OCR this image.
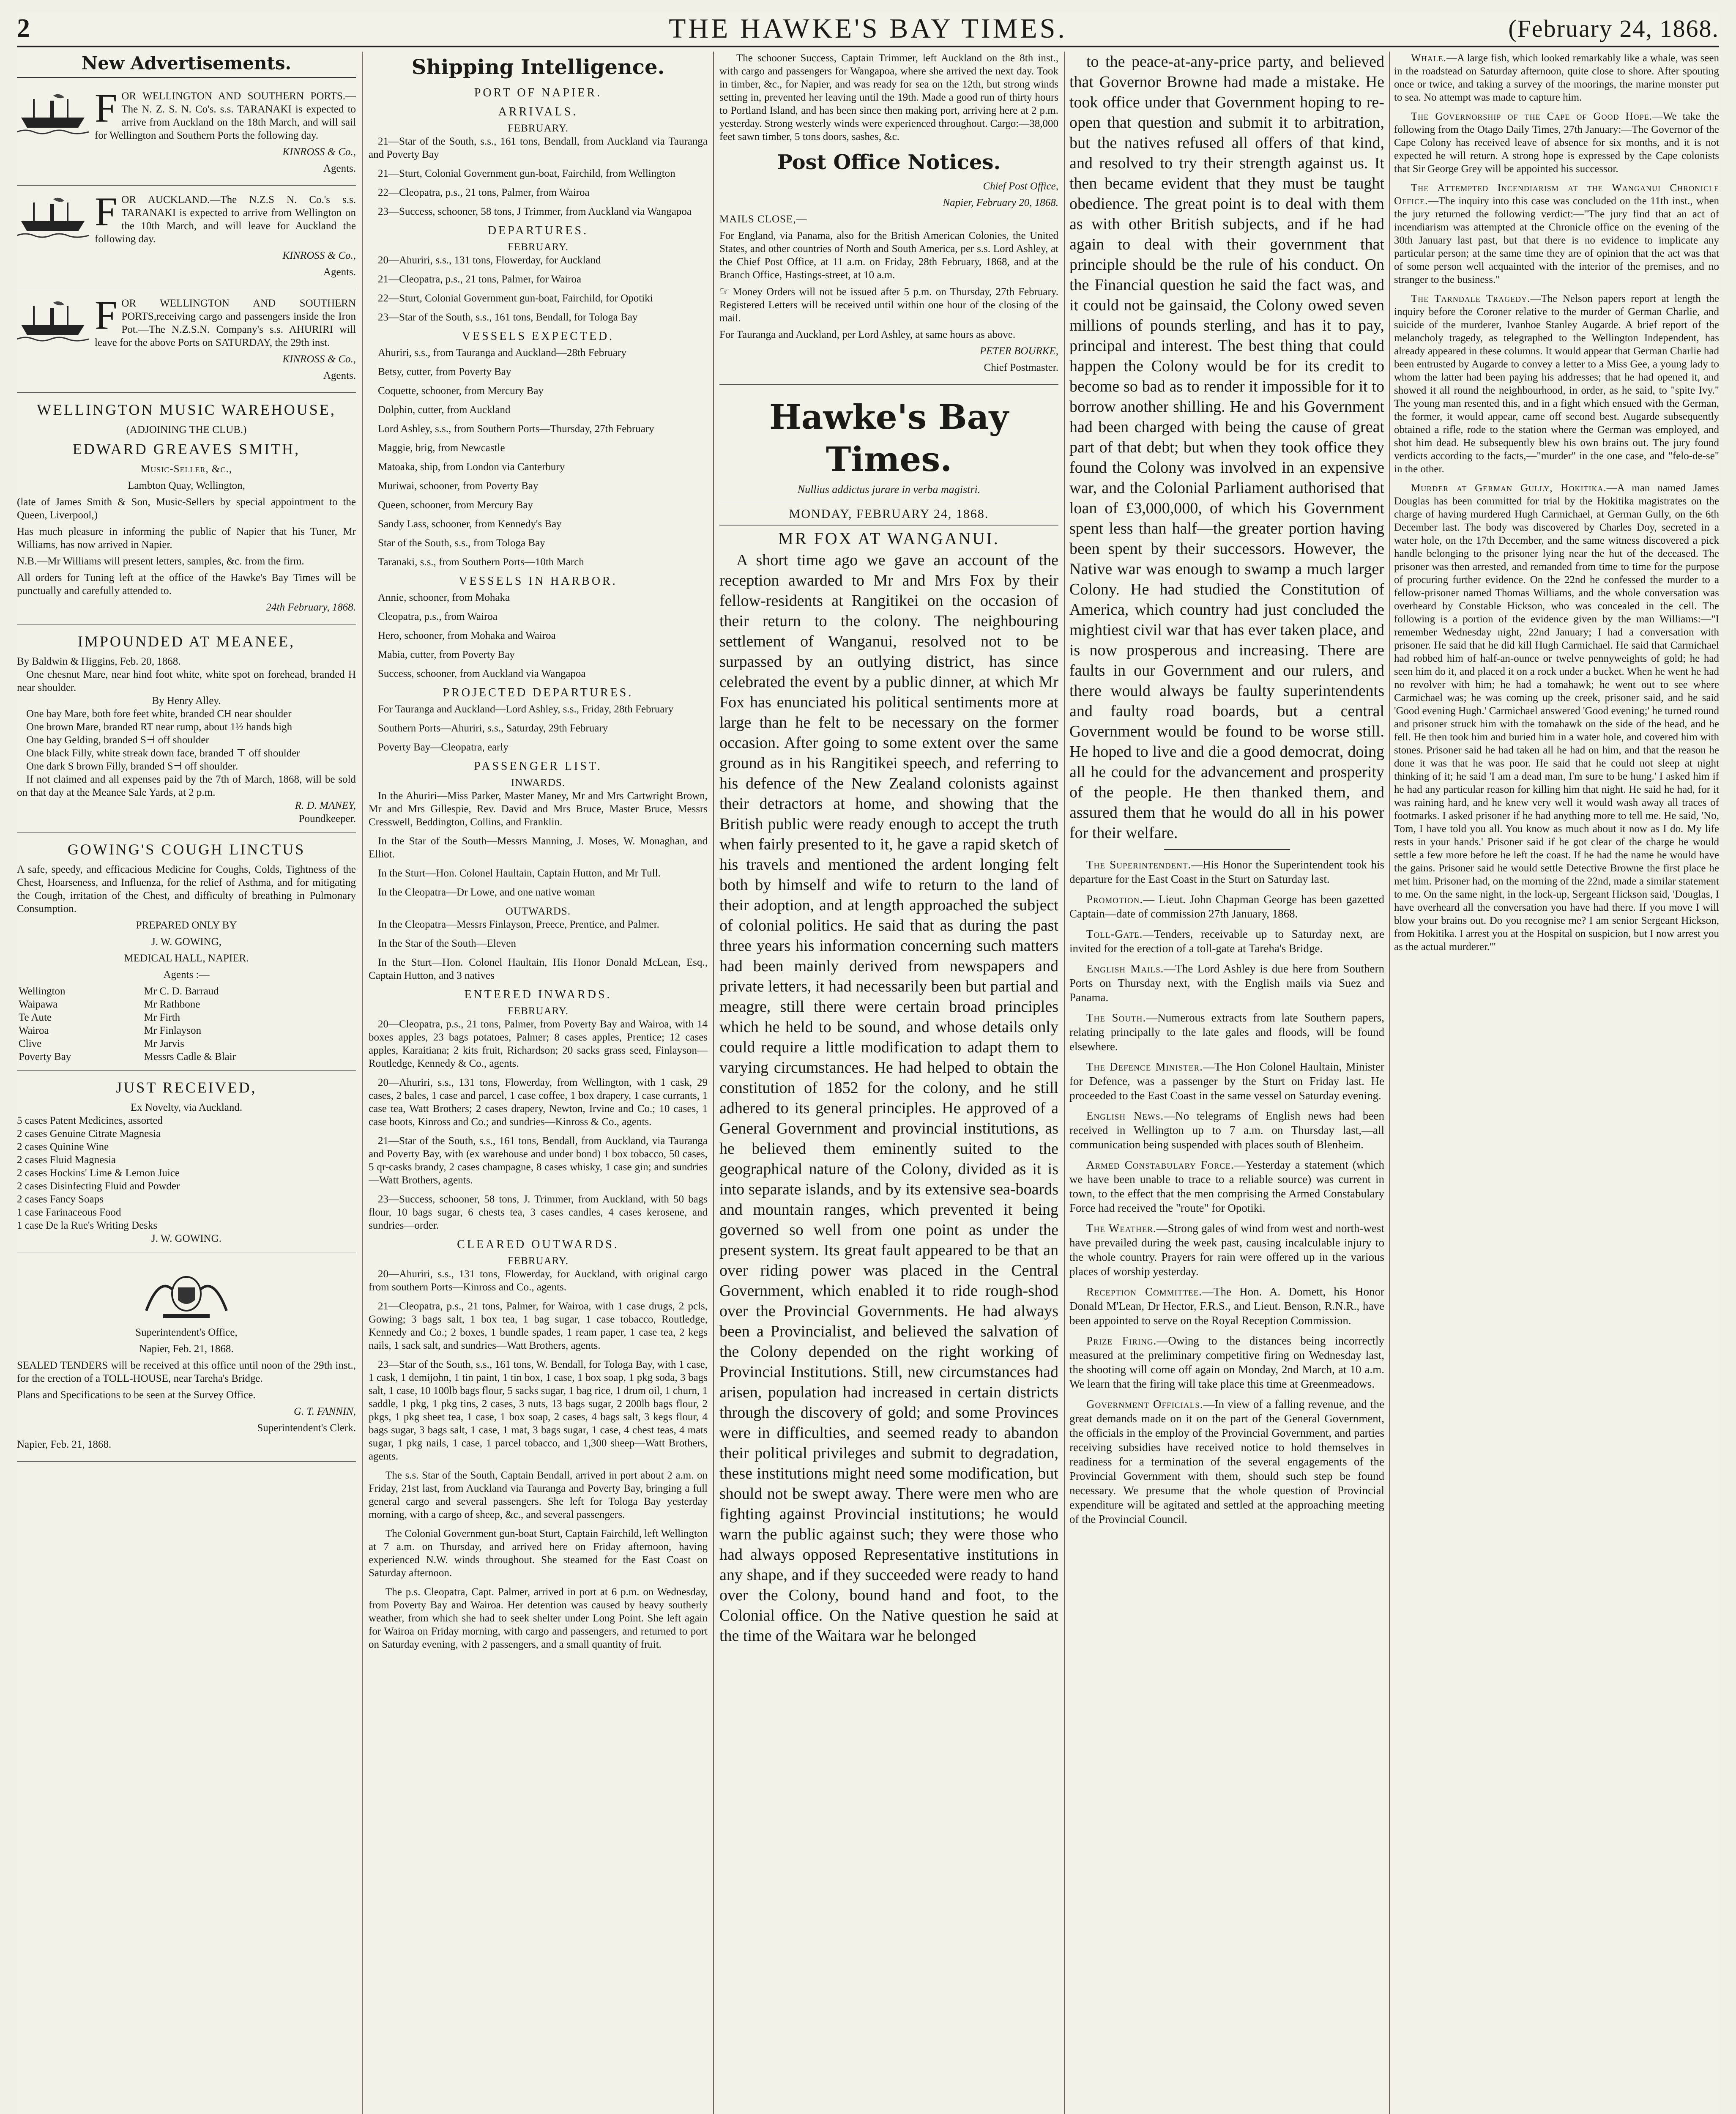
2	THE HAWKE'S BAY TIMES.	(February 24, 1868.
New Advertisements.

FOR WELLINGTON AND SOUTHERN PORTS.—The N. Z. S. N. Co's. s.s. TARANAKI is expected to arrive from Auckland on the 18th March, and will sail for Wellington and Southern Ports the following day.

KINROSS & Co.,

Agents.

FOR AUCKLAND.—The N.Z.S N. Co.'s s.s. TARANAKI is expected to arrive from Wellington on the 10th March, and will leave for Auckland the following day.

KINROSS & Co.,

Agents.

FOR WELLINGTON AND SOUTHERN PORTS,receiving cargo and passengers inside the Iron Pot.—The N.Z.S.N. Company's s.s. AHURIRI will leave for the above Ports on SATURDAY, the 29th inst.

KINROSS & Co.,

Agents.

WELLINGTON MUSIC WAREHOUSE,

(ADJOINING THE CLUB.)

EDWARD GREAVES SMITH,

Music-Seller, &c.,

Lambton Quay, Wellington,

(late of James Smith & Son, Music-Sellers by special appointment to the Queen, Liverpool,)

Has much pleasure in informing the public of Napier that his Tuner, Mr Williams, has now arrived in Napier.

N.B.—Mr Williams will present letters, samples, &c. from the firm.

All orders for Tuning left at the office of the Hawke's Bay Times will be punctually and carefully attended to.

24th February, 1868.

IMPOUNDED AT MEANEE,

By Baldwin & Higgins, Feb. 20, 1868.

One chesnut Mare, near hind foot white, white spot on forehead, branded H near shoulder.

By Henry Alley.

One bay Mare, both fore feet white, branded CH near shoulder

One brown Mare, branded RT near rump, about 1½ hands high

One bay Gelding, branded S⊣ off shoulder

One black Filly, white streak down face, branded ⊤ off shoulder

One dark S brown Filly, branded S⊣ off shoulder.

If not claimed and all expenses paid by the 7th of March, 1868, will be sold on that day at the Meanee Sale Yards, at 2 p.m.

R. D. MANEY,

Poundkeeper.

GOWING'S COUGH LINCTUS

A safe, speedy, and efficacious Medicine for Coughs, Colds, Tightness of the Chest, Hoarseness, and Influenza, for the relief of Asthma, and for mitigating the Cough, irritation of the Chest, and difficulty of breathing in Pulmonary Consumption.

PREPARED ONLY BY

J. W. GOWING,

MEDICAL HALL, NAPIER.

Agents :—

Wellington	Mr C. D. Barraud
Waipawa	Mr Rathbone
Te Aute	Mr Firth
Wairoa	Mr Finlayson
Clive	Mr Jarvis
Poverty Bay	Messrs Cadle & Blair
JUST RECEIVED,

Ex Novelty, via Auckland.

5 cases Patent Medicines, assorted

2 cases Genuine Citrate Magnesia

2 cases Quinine Wine

2 cases Fluid Magnesia

2 cases Hockins' Lime & Lemon Juice

2 cases Disinfecting Fluid and Powder

2 cases Fancy Soaps

1 case Farinaceous Food

1 case De la Rue's Writing Desks

J. W. GOWING.

Superintendent's Office,

Napier, Feb. 21, 1868.

SEALED TENDERS will be received at this office until noon of the 29th inst., for the erection of a TOLL-HOUSE, near Tareha's Bridge.

Plans and Specifications to be seen at the Survey Office.

G. T. FANNIN,

Superintendent's Clerk.

Napier, Feb. 21, 1868.

Shipping Intelligence.
PORT OF NAPIER.
ARRIVALS.
FEBRUARY.

21—Star of the South, s.s., 161 tons, Bendall, from Auckland via Tauranga and Poverty Bay

21—Sturt, Colonial Government gun-boat, Fairchild, from Wellington

22—Cleopatra, p.s., 21 tons, Palmer, from Wairoa

23—Success, schooner, 58 tons, J Trimmer, from Auckland via Wangapoa

DEPARTURES.
FEBRUARY.

20—Ahuriri, s.s., 131 tons, Flowerday, for Auckland

21—Cleopatra, p.s., 21 tons, Palmer, for Wairoa

22—Sturt, Colonial Government gun-boat, Fairchild, for Opotiki

23—Star of the South, s.s., 161 tons, Bendall, for Tologa Bay

VESSELS EXPECTED.

Ahuriri, s.s., from Tauranga and Auckland—28th February

Betsy, cutter, from Poverty Bay

Coquette, schooner, from Mercury Bay

Dolphin, cutter, from Auckland

Lord Ashley, s.s., from Southern Ports—Thursday, 27th February

Maggie, brig, from Newcastle

Matoaka, ship, from London via Canterbury

Muriwai, schooner, from Poverty Bay

Queen, schooner, from Mercury Bay

Sandy Lass, schooner, from Kennedy's Bay

Star of the South, s.s., from Tologa Bay

Taranaki, s.s., from Southern Ports—10th March

VESSELS IN HARBOR.

Annie, schooner, from Mohaka

Cleopatra, p.s., from Wairoa

Hero, schooner, from Mohaka and Wairoa

Mabia, cutter, from Poverty Bay

Success, schooner, from Auckland via Wangapoa

PROJECTED DEPARTURES.

For Tauranga and Auckland—Lord Ashley, s.s., Friday, 28th February

Southern Ports—Ahuriri, s.s., Saturday, 29th February

Poverty Bay—Cleopatra, early

PASSENGER LIST.
INWARDS.

In the Ahuriri—Miss Parker, Master Maney, Mr and Mrs Cartwright Brown, Mr and Mrs Gillespie, Rev. David and Mrs Bruce, Master Bruce, Messrs Cresswell, Beddington, Collins, and Franklin.

In the Star of the South—Messrs Manning, J. Moses, W. Monaghan, and Elliot.

In the Sturt—Hon. Colonel Haultain, Captain Hutton, and Mr Tull.

In the Cleopatra—Dr Lowe, and one native woman

OUTWARDS.

In the Cleopatra—Messrs Finlayson, Preece, Prentice, and Palmer.

In the Star of the South—Eleven

In the Sturt—Hon. Colonel Haultain, His Honor Donald McLean, Esq., Captain Hutton, and 3 natives

ENTERED INWARDS.
FEBRUARY.

20—Cleopatra, p.s., 21 tons, Palmer, from Poverty Bay and Wairoa, with 14 boxes apples, 23 bags potatoes, Palmer; 8 cases apples, Prentice; 12 cases apples, Karaitiana; 2 kits fruit, Richardson; 20 sacks grass seed, Finlayson—Routledge, Kennedy & Co., agents.

20—Ahuriri, s.s., 131 tons, Flowerday, from Wellington, with 1 cask, 29 cases, 2 bales, 1 case and parcel, 1 case coffee, 1 box drapery, 1 case currants, 1 case tea, Watt Brothers; 2 cases drapery, Newton, Irvine and Co.; 10 cases, 1 case boots, Kinross and Co.; and sundries—Kinross & Co., agents.

21—Star of the South, s.s., 161 tons, Bendall, from Auckland, via Tauranga and Poverty Bay, with (ex warehouse and under bond) 1 box tobacco, 50 cases, 5 qr-casks brandy, 2 cases champagne, 8 cases whisky, 1 case gin; and sundries—Watt Brothers, agents.

23—Success, schooner, 58 tons, J. Trimmer, from Auckland, with 50 bags flour, 10 bags sugar, 6 chests tea, 3 cases candles, 4 cases kerosene, and sundries—order.

CLEARED OUTWARDS.
FEBRUARY.

20—Ahuriri, s.s., 131 tons, Flowerday, for Auckland, with original cargo from southern Ports—Kinross and Co., agents.

21—Cleopatra, p.s., 21 tons, Palmer, for Wairoa, with 1 case drugs, 2 pcls, Gowing; 3 bags salt, 1 box tea, 1 bag sugar, 1 case tobacco, Routledge, Kennedy and Co.; 2 boxes, 1 bundle spades, 1 ream paper, 1 case tea, 2 kegs nails, 1 sack salt, and sundries—Watt Brothers, agents.

23—Star of the South, s.s., 161 tons, W. Bendall, for Tologa Bay, with 1 case, 1 cask, 1 demijohn, 1 tin paint, 1 tin box, 1 case, 1 box soap, 1 pkg soda, 3 bags salt, 1 case, 10 100lb bags flour, 5 sacks sugar, 1 bag rice, 1 drum oil, 1 churn, 1 saddle, 1 pkg, 1 pkg tins, 2 cases, 3 nuts, 13 bags sugar, 2 200lb bags flour, 2 pkgs, 1 pkg sheet tea, 1 case, 1 box soap, 2 cases, 4 bags salt, 3 kegs flour, 4 bags sugar, 3 bags salt, 1 case, 1 mat, 3 bags sugar, 1 case, 4 chest teas, 4 mats sugar, 1 pkg nails, 1 case, 1 parcel tobacco, and 1,300 sheep—Watt Brothers, agents.

The s.s. Star of the South, Captain Bendall, arrived in port about 2 a.m. on Friday, 21st last, from Auckland via Tauranga and Poverty Bay, bringing a full general cargo and several passengers. She left for Tologa Bay yesterday morning, with a cargo of sheep, &c., and several passengers.

The Colonial Government gun-boat Sturt, Captain Fairchild, left Wellington at 7 a.m. on Thursday, and arrived here on Friday afternoon, having experienced N.W. winds throughout. She steamed for the East Coast on Saturday afternoon.

The p.s. Cleopatra, Capt. Palmer, arrived in port at 6 p.m. on Wednesday, from Poverty Bay and Wairoa. Her detention was caused by heavy southerly weather, from which she had to seek shelter under Long Point. She left again for Wairoa on Friday morning, with cargo and passengers, and returned to port on Saturday evening, with 2 passengers, and a small quantity of fruit.

The schooner Success, Captain Trimmer, left Auckland on the 8th inst., with cargo and passengers for Wangapoa, where she arrived the next day. Took in timber, &c., for Napier, and was ready for sea on the 12th, but strong winds setting in, prevented her leaving until the 19th. Made a good run of thirty hours to Portland Island, and has been since then making port, arriving here at 2 p.m. yesterday. Strong westerly winds were experienced throughout. Cargo:—38,000 feet sawn timber, 5 tons doors, sashes, &c.

Post Office Notices.

Chief Post Office,

Napier, February 20, 1868.

MAILS CLOSE,—

For England, via Panama, also for the British American Colonies, the United States, and other countries of North and South America, per s.s. Lord Ashley, at the Chief Post Office, at 11 a.m. on Friday, 28th February, 1868, and at the Branch Office, Hastings-street, at 10 a.m.

☞ Money Orders will not be issued after 5 p.m. on Thursday, 27th February. Registered Letters will be received until within one hour of the closing of the mail.

For Tauranga and Auckland, per Lord Ashley, at same hours as above.

PETER BOURKE,

Chief Postmaster.

Hawke's Bay Times.

Nullius addictus jurare in verba magistri.

MONDAY, FEBRUARY 24, 1868.
MR FOX AT WANGANUI.

A short time ago we gave an account of the reception awarded to Mr and Mrs Fox by their fellow-residents at Rangitikei on the occasion of their return to the colony. The neighbouring settlement of Wanganui, resolved not to be surpassed by an outlying district, has since celebrated the event by a public dinner, at which Mr Fox has enunciated his political sentiments more at large than he felt to be necessary on the former occasion. After going to some extent over the same ground as in his Rangitikei speech, and referring to his defence of the New Zealand colonists against their detractors at home, and showing that the British public were ready enough to accept the truth when fairly presented to it, he gave a rapid sketch of his travels and mentioned the ardent longing felt both by himself and wife to return to the land of their adoption, and at length approached the subject of colonial politics. He said that as during the past three years his information concerning such matters had been mainly derived from newspapers and private letters, it had necessarily been but partial and meagre, still there were certain broad principles which he held to be sound, and whose details only could require a little modification to adapt them to varying circumstances. He had helped to obtain the constitution of 1852 for the colony, and he still adhered to its general principles. He approved of a General Government and provincial institutions, as he believed them eminently suited to the geographical nature of the Colony, divided as it is into separate islands, and by its extensive sea-boards and mountain ranges, which prevented it being governed so well from one point as under the present system. Its great fault appeared to be that an over riding power was placed in the Central Government, which enabled it to ride rough-shod over the Provincial Governments. He had always been a Provincialist, and believed the salvation of the Colony depended on the right working of Provincial Institutions. Still, new circumstances had arisen, population had increased in certain districts through the discovery of gold; and some Provinces were in difficulties, and seemed ready to abandon their political privileges and submit to degradation, these institutions might need some modification, but should not be swept away. There were men who are fighting against Provincial institutions; he would warn the public against such; they were those who had always opposed Representative institutions in any shape, and if they succeeded were ready to hand over the Colony, bound hand and foot, to the Colonial office. On the Native question he said at the time of the Waitara war he belonged

to the peace-at-any-price party, and believed that Governor Browne had made a mistake. He took office under that Government hoping to re-open that question and submit it to arbitration, but the natives refused all offers of that kind, and resolved to try their strength against us. It then became evident that they must be taught obedience. The great point is to deal with them as with other British subjects, and if he had again to deal with their government that principle should be the rule of his conduct. On the Financial question he said the fact was, and it could not be gainsaid, the Colony owed seven millions of pounds sterling, and has it to pay, principal and interest. The best thing that could happen the Colony would be for its credit to become so bad as to render it impossible for it to borrow another shilling. He and his Government had been charged with being the cause of great part of that debt; but when they took office they found the Colony was involved in an expensive war, and the Colonial Parliament authorised that loan of £3,000,000, of which his Government spent less than half—the greater portion having been spent by their successors. However, the Native war was enough to swamp a much larger Colony. He had studied the Constitution of America, which country had just concluded the mightiest civil war that has ever taken place, and is now prosperous and increasing. There are faults in our Government and our rulers, and there would always be faulty superintendents and faulty road boards, but a central Government would be found to be worse still. He hoped to live and die a good democrat, doing all he could for the advancement and prosperity of the people. He then thanked them, and assured them that he would do all in his power for their welfare.

The Superintendent.—His Honor the Superintendent took his departure for the East Coast in the Sturt on Saturday last.

Promotion.— Lieut. John Chapman George has been gazetted Captain—date of commission 27th January, 1868.

Toll-Gate.—Tenders, receivable up to Saturday next, are invited for the erection of a toll-gate at Tareha's Bridge.

English Mails.—The Lord Ashley is due here from Southern Ports on Thursday next, with the English mails via Suez and Panama.

The South.—Numerous extracts from late Southern papers, relating principally to the late gales and floods, will be found elsewhere.

The Defence Minister.—The Hon Colonel Haultain, Minister for Defence, was a passenger by the Sturt on Friday last. He proceeded to the East Coast in the same vessel on Saturday evening.

English News.—No telegrams of English news had been received in Wellington up to 7 a.m. on Thursday last,—all communication being suspended with places south of Blenheim.

Armed Constabulary Force.—Yesterday a statement (which we have been unable to trace to a reliable source) was current in town, to the effect that the men comprising the Armed Constabulary Force had received the "route" for Opotiki.

The Weather.—Strong gales of wind from west and north-west have prevailed during the week past, causing incalculable injury to the whole country. Prayers for rain were offered up in the various places of worship yesterday.

Reception Committee.—The Hon. A. Domett, his Honor Donald M'Lean, Dr Hector, F.R.S., and Lieut. Benson, R.N.R., have been appointed to serve on the Royal Reception Commission.

Prize Firing.—Owing to the distances being incorrectly measured at the preliminary competitive firing on Wednesday last, the shooting will come off again on Monday, 2nd March, at 10 a.m. We learn that the firing will take place this time at Greenmeadows.

Government Officials.—In view of a falling revenue, and the great demands made on it on the part of the General Government, the officials in the employ of the Provincial Government, and parties receiving subsidies have received notice to hold themselves in readiness for a termination of the several engagements of the Provincial Government with them, should such step be found necessary. We presume that the whole question of Provincial expenditure will be agitated and settled at the approaching meeting of the Provincial Council.

Whale.—A large fish, which looked remarkably like a whale, was seen in the roadstead on Saturday afternoon, quite close to shore. After spouting once or twice, and taking a survey of the moorings, the marine monster put to sea. No attempt was made to capture him.

The Governorship of the Cape of Good Hope.—We take the following from the Otago Daily Times, 27th January:—The Governor of the Cape Colony has received leave of absence for six months, and it is not expected he will return. A strong hope is expressed by the Cape colonists that Sir George Grey will be appointed his successor.

The Attempted Incendiarism at the Wanganui Chronicle Office.—The inquiry into this case was concluded on the 11th inst., when the jury returned the following verdict:—"The jury find that an act of incendiarism was attempted at the Chronicle office on the evening of the 30th January last past, but that there is no evidence to implicate any particular person; at the same time they are of opinion that the act was that of some person well acquainted with the interior of the premises, and no stranger to the business."

The Tarndale Tragedy.—The Nelson papers report at length the inquiry before the Coroner relative to the murder of German Charlie, and suicide of the murderer, Ivanhoe Stanley Augarde. A brief report of the melancholy tragedy, as telegraphed to the Wellington Independent, has already appeared in these columns. It would appear that German Charlie had been entrusted by Augarde to convey a letter to a Miss Gee, a young lady to whom the latter had been paying his addresses; that he had opened it, and showed it all round the neighbourhood, in order, as he said, to "spite Ivy." The young man resented this, and in a fight which ensued with the German, the former, it would appear, came off second best. Augarde subsequently obtained a rifle, rode to the station where the German was employed, and shot him dead. He subsequently blew his own brains out. The jury found verdicts according to the facts,—"murder" in the one case, and "felo-de-se" in the other.

Murder at German Gully, Hokitika.—A man named James Douglas has been committed for trial by the Hokitika magistrates on the charge of having murdered Hugh Carmichael, at German Gully, on the 6th December last. The body was discovered by Charles Doy, secreted in a water hole, on the 17th December, and the same witness discovered a pick handle belonging to the prisoner lying near the hut of the deceased. The prisoner was then arrested, and remanded from time to time for the purpose of procuring further evidence. On the 22nd he confessed the murder to a fellow-prisoner named Thomas Williams, and the whole conversation was overheard by Constable Hickson, who was concealed in the cell. The following is a portion of the evidence given by the man Williams:—"I remember Wednesday night, 22nd January; I had a conversation with prisoner. He said that he did kill Hugh Carmichael. He said that Carmichael had robbed him of half-an-ounce or twelve pennyweights of gold; he had seen him do it, and placed it on a rock under a bucket. When he went he had no revolver with him; he had a tomahawk; he went out to see where Carmichael was; he was coming up the creek, prisoner said, and he said 'Good evening Hugh.' Carmichael answered 'Good evening;' he turned round and prisoner struck him with the tomahawk on the side of the head, and he fell. He then took him and buried him in a water hole, and covered him with stones. Prisoner said he had taken all he had on him, and that the reason he done it was that he was poor. He said that he could not sleep at night thinking of it; he said 'I am a dead man, I'm sure to be hung.' I asked him if he had any particular reason for killing him that night. He said he had, for it was raining hard, and he knew very well it would wash away all traces of footmarks. I asked prisoner if he had anything more to tell me. He said, 'No, Tom, I have told you all. You know as much about it now as I do. My life rests in your hands.' Prisoner said if he got clear of the charge he would settle a few more before he left the coast. If he had the name he would have the gains. Prisoner said he would settle Detective Browne the first place he met him. Prisoner had, on the morning of the 22nd, made a similar statement to me. On the same night, in the lock-up, Sergeant Hickson said, 'Douglas, I have overheard all the conversation you have had there. If you move I will blow your brains out. Do you recognise me? I am senior Sergeant Hickson, from Hokitika. I arrest you at the Hospital on suspicion, but I now arrest you as the actual murderer.'"
